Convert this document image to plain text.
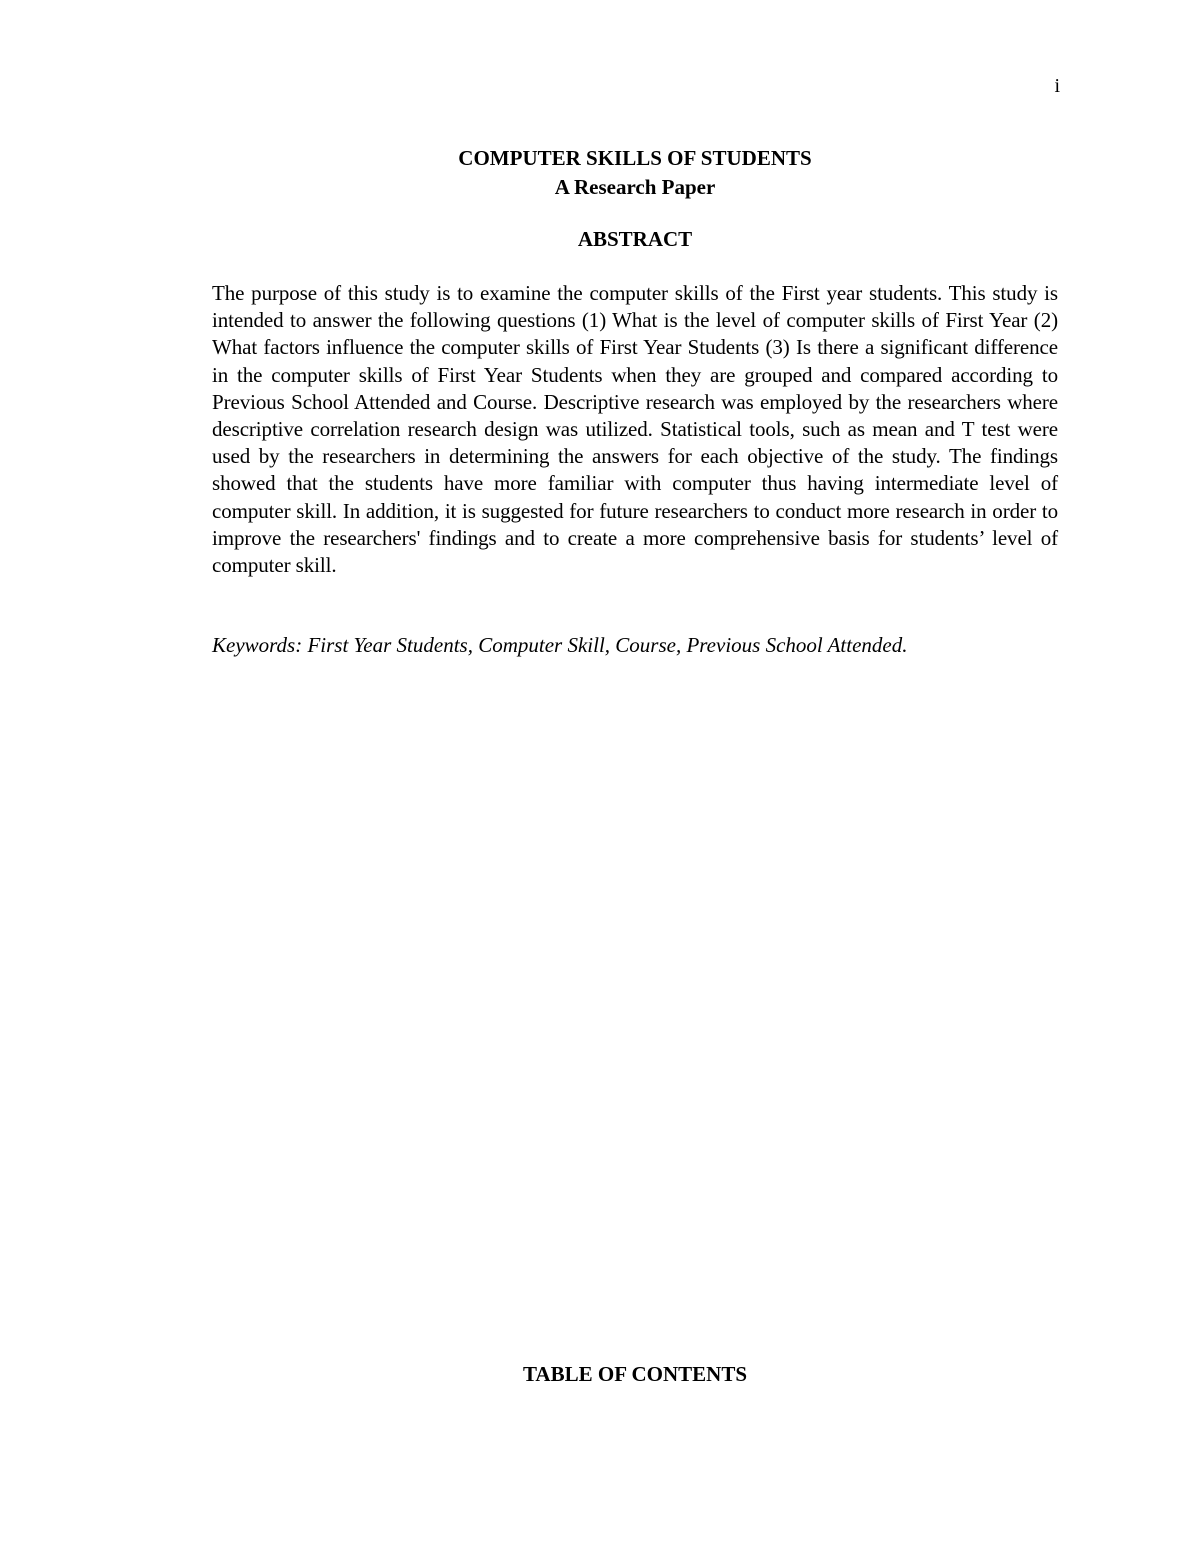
i
COMPUTER SKILLS OF STUDENTS
A Research Paper
ABSTRACT
The purpose of this study is to examine the computer skills of the First year students. This study is intended to answer the following questions (1) What is the level of computer skills of First Year (2) What factors influence the computer skills of First Year Students (3) Is there a significant difference in the computer skills of First Year Students when they are grouped and compared according to Previous School Attended and Course. Descriptive research was employed by the researchers where descriptive correlation research design was utilized. Statistical tools, such as mean and T test were used by the researchers in determining the answers for each objective of the study. The findings showed that the students have more familiar with computer thus having intermediate level of computer skill. In addition, it is suggested for future researchers to conduct more research in order to improve the researchers' findings and to create a more comprehensive basis for students’ level of computer skill.
Keywords: First Year Students, Computer Skill, Course, Previous School Attended.
TABLE OF CONTENTS
